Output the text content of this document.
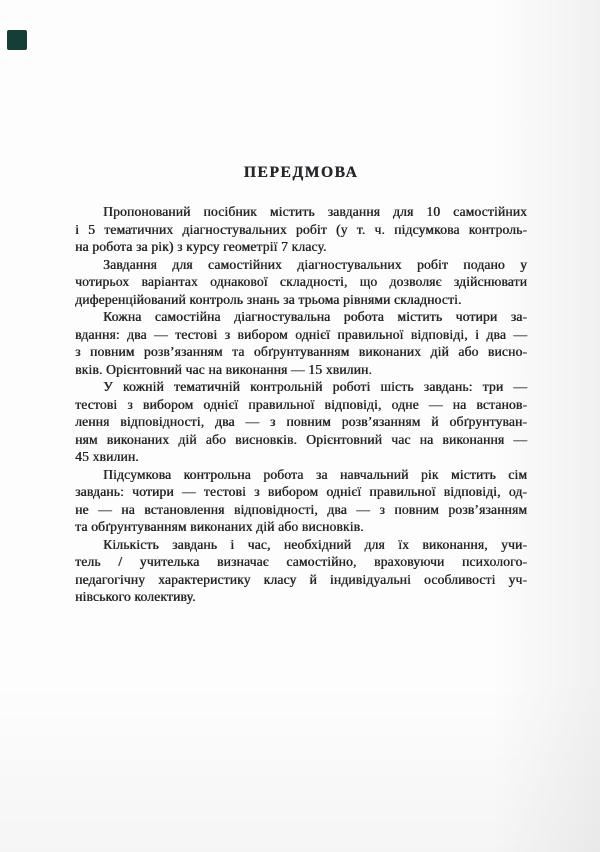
ПЕРЕДМОВА
Пропонований посібник містить завдання для 10 самостійних
і 5 тематичних діагностувальних робіт (у т. ч. підсумкова контроль-
на робота за рік) з курсу геометрії 7 класу.
Завдання для самостійних діагностувальних робіт подано у
чотирьох варіантах однакової складності, що дозволяє здійснювати
диференційований контроль знань за трьома рівнями складності.
Кожна самостійна діагностувальна робота містить чотири за-
вдання: два — тестові з вибором однієї правильної відповіді, і два —
з повним розв’язанням та обґрунтуванням виконаних дій або висно-
вків. Орієнтовний час на виконання — 15 хвилин.
У кожній тематичній контрольній роботі шість завдань: три —
тестові з вибором однієї правильної відповіді, одне — на встанов-
лення відповідності, два — з повним розв’язанням й обґрунтуван-
ням виконаних дій або висновків. Орієнтовний час на виконання —
45 хвилин.
Підсумкова контрольна робота за навчальний рік містить сім
завдань: чотири — тестові з вибором однієї правильної відповіді, од-
не — на встановлення відповідності, два — з повним розв’язанням
та обґрунтуванням виконаних дій або висновків.
Кількість завдань і час, необхідний для їх виконання, учи-
тель / учителька визначає самостійно, враховуючи психолого-
педагогічну характеристику класу й індивідуальні особливості уч-
нівського колективу.
